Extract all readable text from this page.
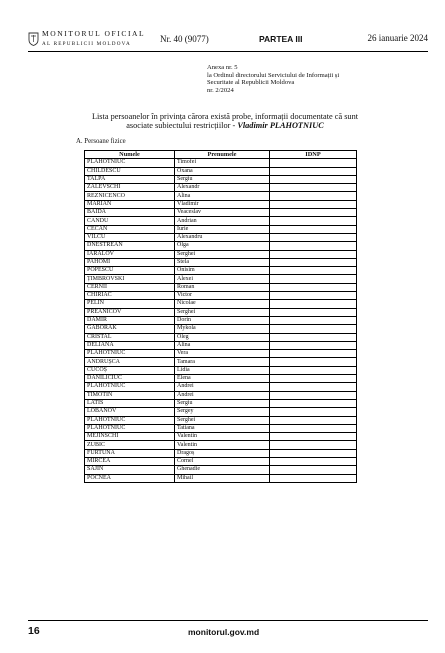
MONITORUL OFICIAL
AL REPUBLICII MOLDOVA	Nr. 40 (9077)	PARTEA III	26 ianuarie 2024
Anexa nr. 5
la Ordinul directorului Serviciului de Informații și
Securitate al Republicii Moldova
nr. 2/2024
Lista persoanelor în privința cărora există probe, informații documentate că sunt
asociate subiectului restricțiilor - Vladimir PLAHOTNIUC
A. Persoane fizice
Numele	Prenumele	IDNP
PLAHOTNIUC	Timofei	
CHILDESCU	Oxana	
TALPA	Sergiu	
ZALEVSCHI	Alexandr	
REZNICENCO	Alina	
MARIAN	Vladimir	
BAIDA	Veaceslav	
CANDU	Andrian	
CECAN	Iurie	
VÎLCU	Alexandru	
DNESTREAN	Olga	
IARALOV	Serghei	
PAHOMI	Stela	
POPESCU	Onisim	
ȚIMBROVSKI	Alexei	
CERNII	Roman	
CHIRIAC	Victor	
PELIN	Nicolae	
PREANICOV	Serghei	
DAMIR	Dorin	
GABORAK	Mykola	
CRISTAL	Oleg	
DELIANA	Alina	
PLAHOTNIUC	Vera	
ANDRUȘCA	Tamara	
CUCOȘ	Lidia	
DANILICIUC	Elena	
PLAHOTNIUC	Andrei	
TIMOTIN	Andrei	
LATIS	Sergiu	
LOBANOV	Sergey	
PLAHOTNIUC	Serghei	
PLAHOTNIUC	Tatiana	
MEJINSCHI	Valentin	
ZUBIC	Valentin	
FURTUNA	Dragoș	
MIRCEA	Cornel	
SAJIN	Ghenadie	
POCNEA	Mihail	
16	monitorul.gov.md
